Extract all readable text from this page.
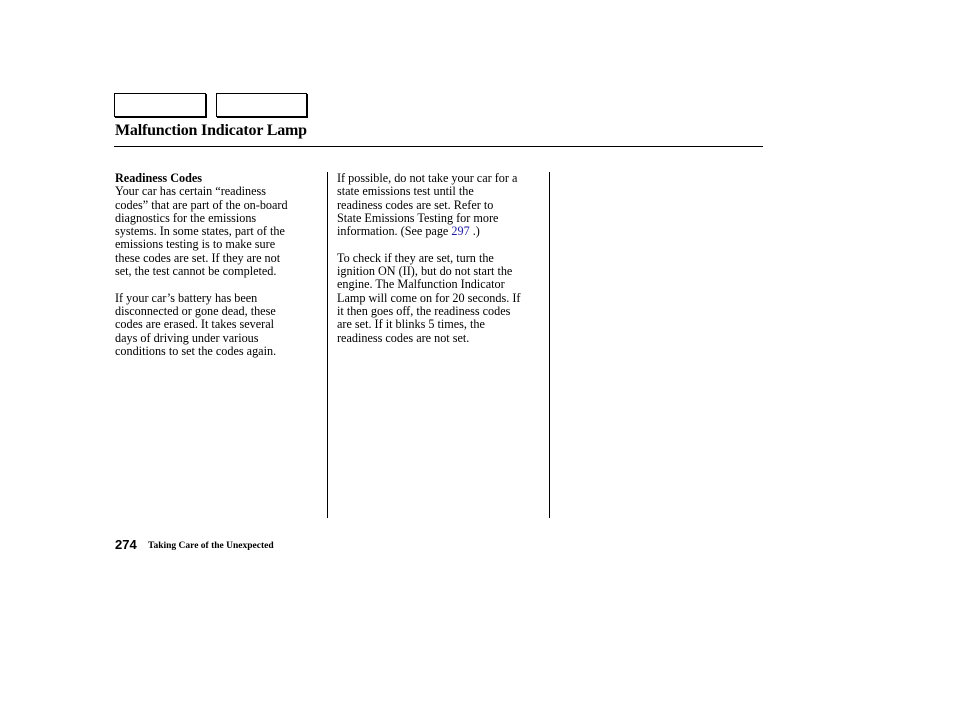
Malfunction Indicator Lamp
Readiness Codes

Your car has certain “readiness
codes” that are part of the on-board
diagnostics for the emissions
systems. In some states, part of the
emissions testing is to make sure
these codes are set. If they are not
set, the test cannot be completed.

If your car’s battery has been
disconnected or gone dead, these
codes are erased. It takes several
days of driving under various
conditions to set the codes again.

If possible, do not take your car for a
state emissions test until the
readiness codes are set. Refer to
State Emissions Testing for more
information. (See page 297 .)

To check if they are set, turn the
ignition ON (II), but do not start the
engine. The Malfunction Indicator
Lamp will come on for 20 seconds. If
it then goes off, the readiness codes
are set. If it blinks 5 times, the
readiness codes are not set.

274 Taking Care of the Unexpected
